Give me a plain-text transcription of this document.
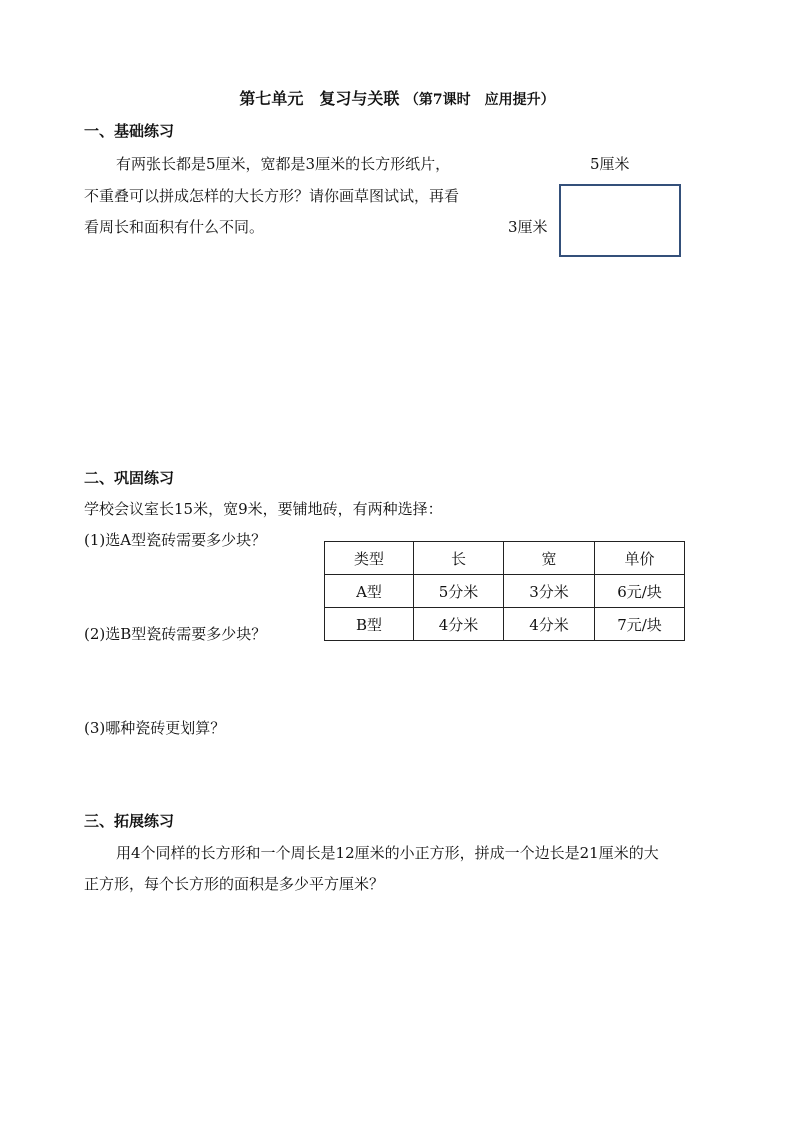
第七单元　复习与关联 （第7课时　应用提升）
一、基础练习
有两张长都是5厘米，宽都是3厘米的长方形纸片，
不重叠可以拼成怎样的大长方形？请你画草图试试，再看
看周长和面积有什么不同。
5厘米
3厘米
二、巩固练习
学校会议室长15米，宽9米，要铺地砖，有两种选择：
(1)选A型瓷砖需要多少块？
(2)选B型瓷砖需要多少块？
(3)哪种瓷砖更划算？
类型	长	宽	单价
A型	5分米	3分米	6元/块
B型	4分米	4分米	7元/块
三、拓展练习
用4个同样的长方形和一个周长是12厘米的小正方形，拼成一个边长是21厘米的大
正方形，每个长方形的面积是多少平方厘米？
